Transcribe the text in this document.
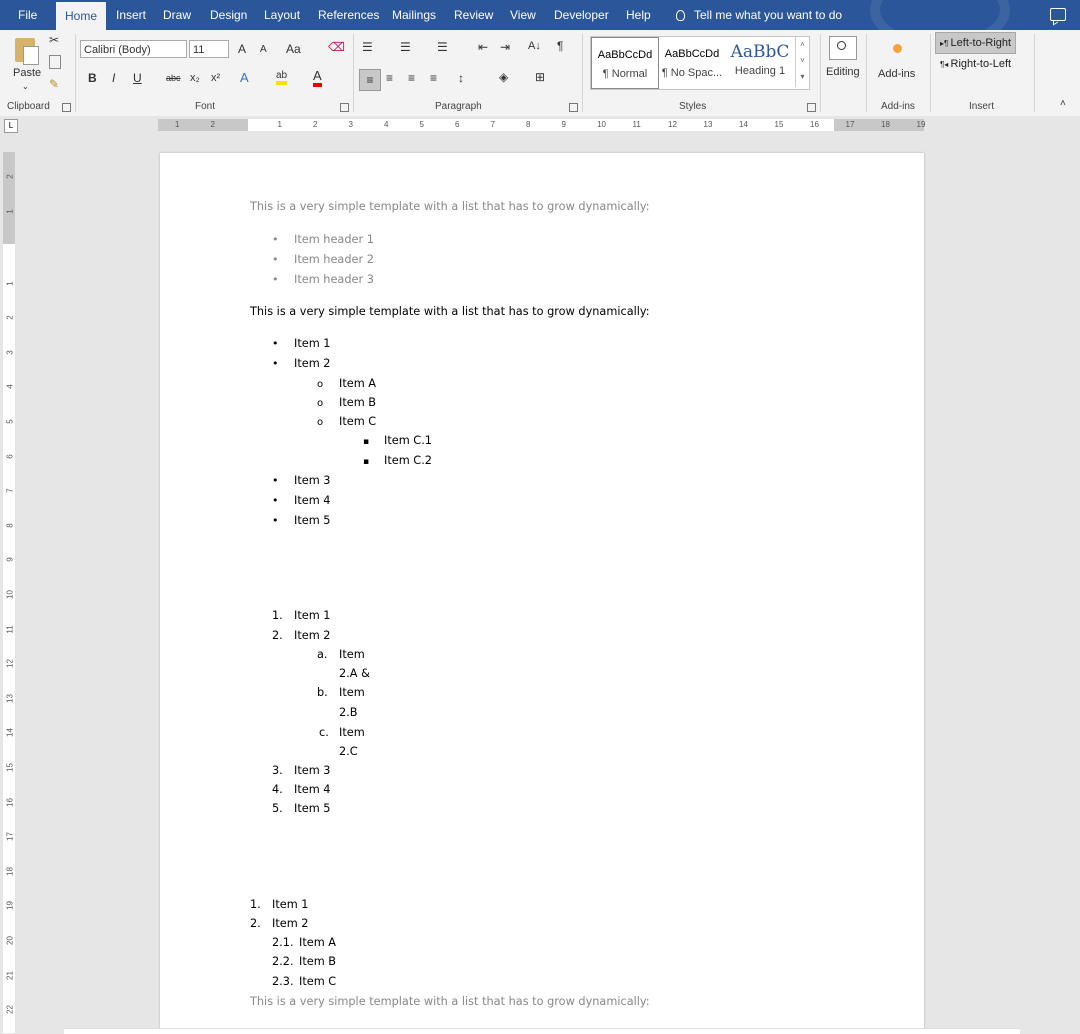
File	Home	Insert Draw Design Layout References Mailings Review View Developer Help	Tell me what you want to do
Paste
⌄
✂
✎
Clipboard
Calibri (Body)	11	A A Aa ⌫
B I U	abc x₂ x² A	ab A
Font
☰ ☰ ☰	⇤ ⇥ A↓ ¶
≡	≡ ≡ ≡ ↕	◈ ⊞
Paragraph
AaBbCcDd
¶ Normal
AaBbCcDd
¶ No Spac...
AaBbC
Heading 1
˄
˅
▾
Styles
Editing Add-ins
Add-ins
▸¶ Left-to-Right
¶◂ Right-to-Left
Insert	˄
L	2
1	1	2	3	4	5	6	7	8	9	10	11	12	13	14	15	16	17	18	19
2
1
1
2
3
4
5
6
7
8
9
10
11
12
13
14
15
16
17
18
19
20
21
22
This is a very simple template with a list that has to grow dynamically:
•
Item header 1
•
Item header 2
•
Item header 3
This is a very simple template with a list that has to grow dynamically:
•
Item 1
•
Item 2
o
Item A
o
Item B
o
Item C
▪
Item C.1
▪
Item C.2
•
Item 3
•
Item 4
•
Item 5
1. Item 1
2. Item 2
a. Item
2.A &
b. Item
2.B
c. Item
2.C
3. Item 3
4. Item 4
5. Item 5
1. Item 1
2. Item 2
2.1. Item A
2.2. Item B
2.3. Item C
This is a very simple template with a list that has to grow dynamically:
